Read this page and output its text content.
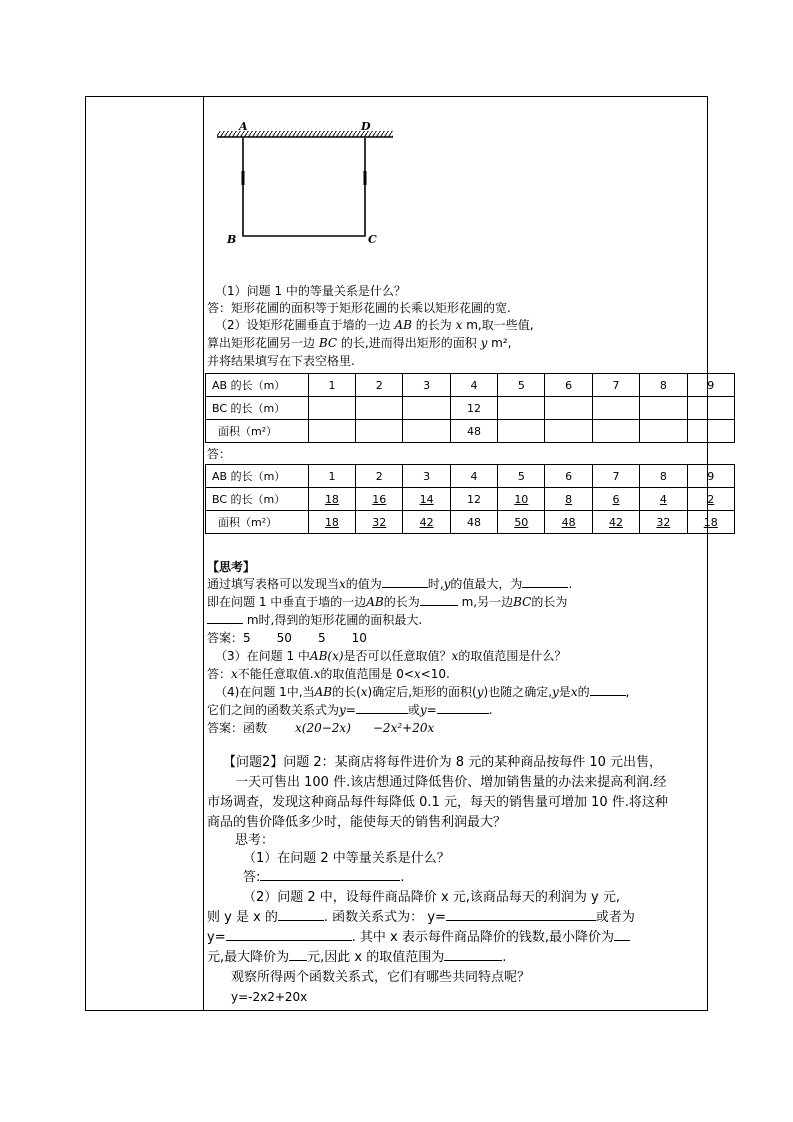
A	D
B	C
（1）问题 1 中的等量关系是什么？
答：矩形花圃的面积等于矩形花圃的长乘以矩形花圃的宽.
（2）设矩形花圃垂直于墙的一边 AB 的长为 x m,取一些值,
算出矩形花圃另一边 BC 的长,进而得出矩形的面积 y m²,
并将结果填写在下表空格里.
AB 的长（m）	1	2	3	4	5	6	7	8	9
BC 的长（m）				12					
面积（m²）				48					
答：
AB 的长（m）	1	2	3	4	5	6	7	8	9
BC 的长（m）	18	16	14	12	10	8	6	4	2
面积（m²）	18	32	42	48	50	48	42	32	18
【思考】
通过填写表格可以发现当x的值为	时,y的值最大，为	.
即在问题 1 中垂直于墙的一边AB的长为	m,另一边BC的长为
m时,得到的矩形花圃的面积最大.
答案：5 50 5 10
（3）在问题 1 中AB(x)是否可以任意取值？x的取值范围是什么？
答：x不能任意取值.x的取值范围是 0<x<10.
（4)在问题 1中,当AB的长(x)确定后,矩形的面积(y)也随之确定,y是x的	,
它们之间的函数关系式为y=	或y=	.
答案：函数 x(20−2x) −2x²+20x
【问题2】问题 2：某商店将每件进价为 8 元的某种商品按每件 10 元出售，
一天可售出 100 件.该店想通过降低售价、增加销售量的办法来提高利润.经
市场调查，发现这种商品每件每降低 0.1 元，每天的销售量可增加 10 件.将这种
商品的售价降低多少时，能使每天的销售利润最大？
思考：
（1）在问题 2 中等量关系是什么？
答:	.
（2）问题 2 中，设每件商品降价 x 元,该商品每天的利润为 y 元,
则 y 是 x 的	. 函数关系式为： y=	或者为
y=	. 其中 x 表示每件商品降价的钱数,最小降价为
元,最大降价为 元,因此 x 的取值范围为	.
观察所得两个函数关系式，它们有哪些共同特点呢？
y=-2x2+20x
